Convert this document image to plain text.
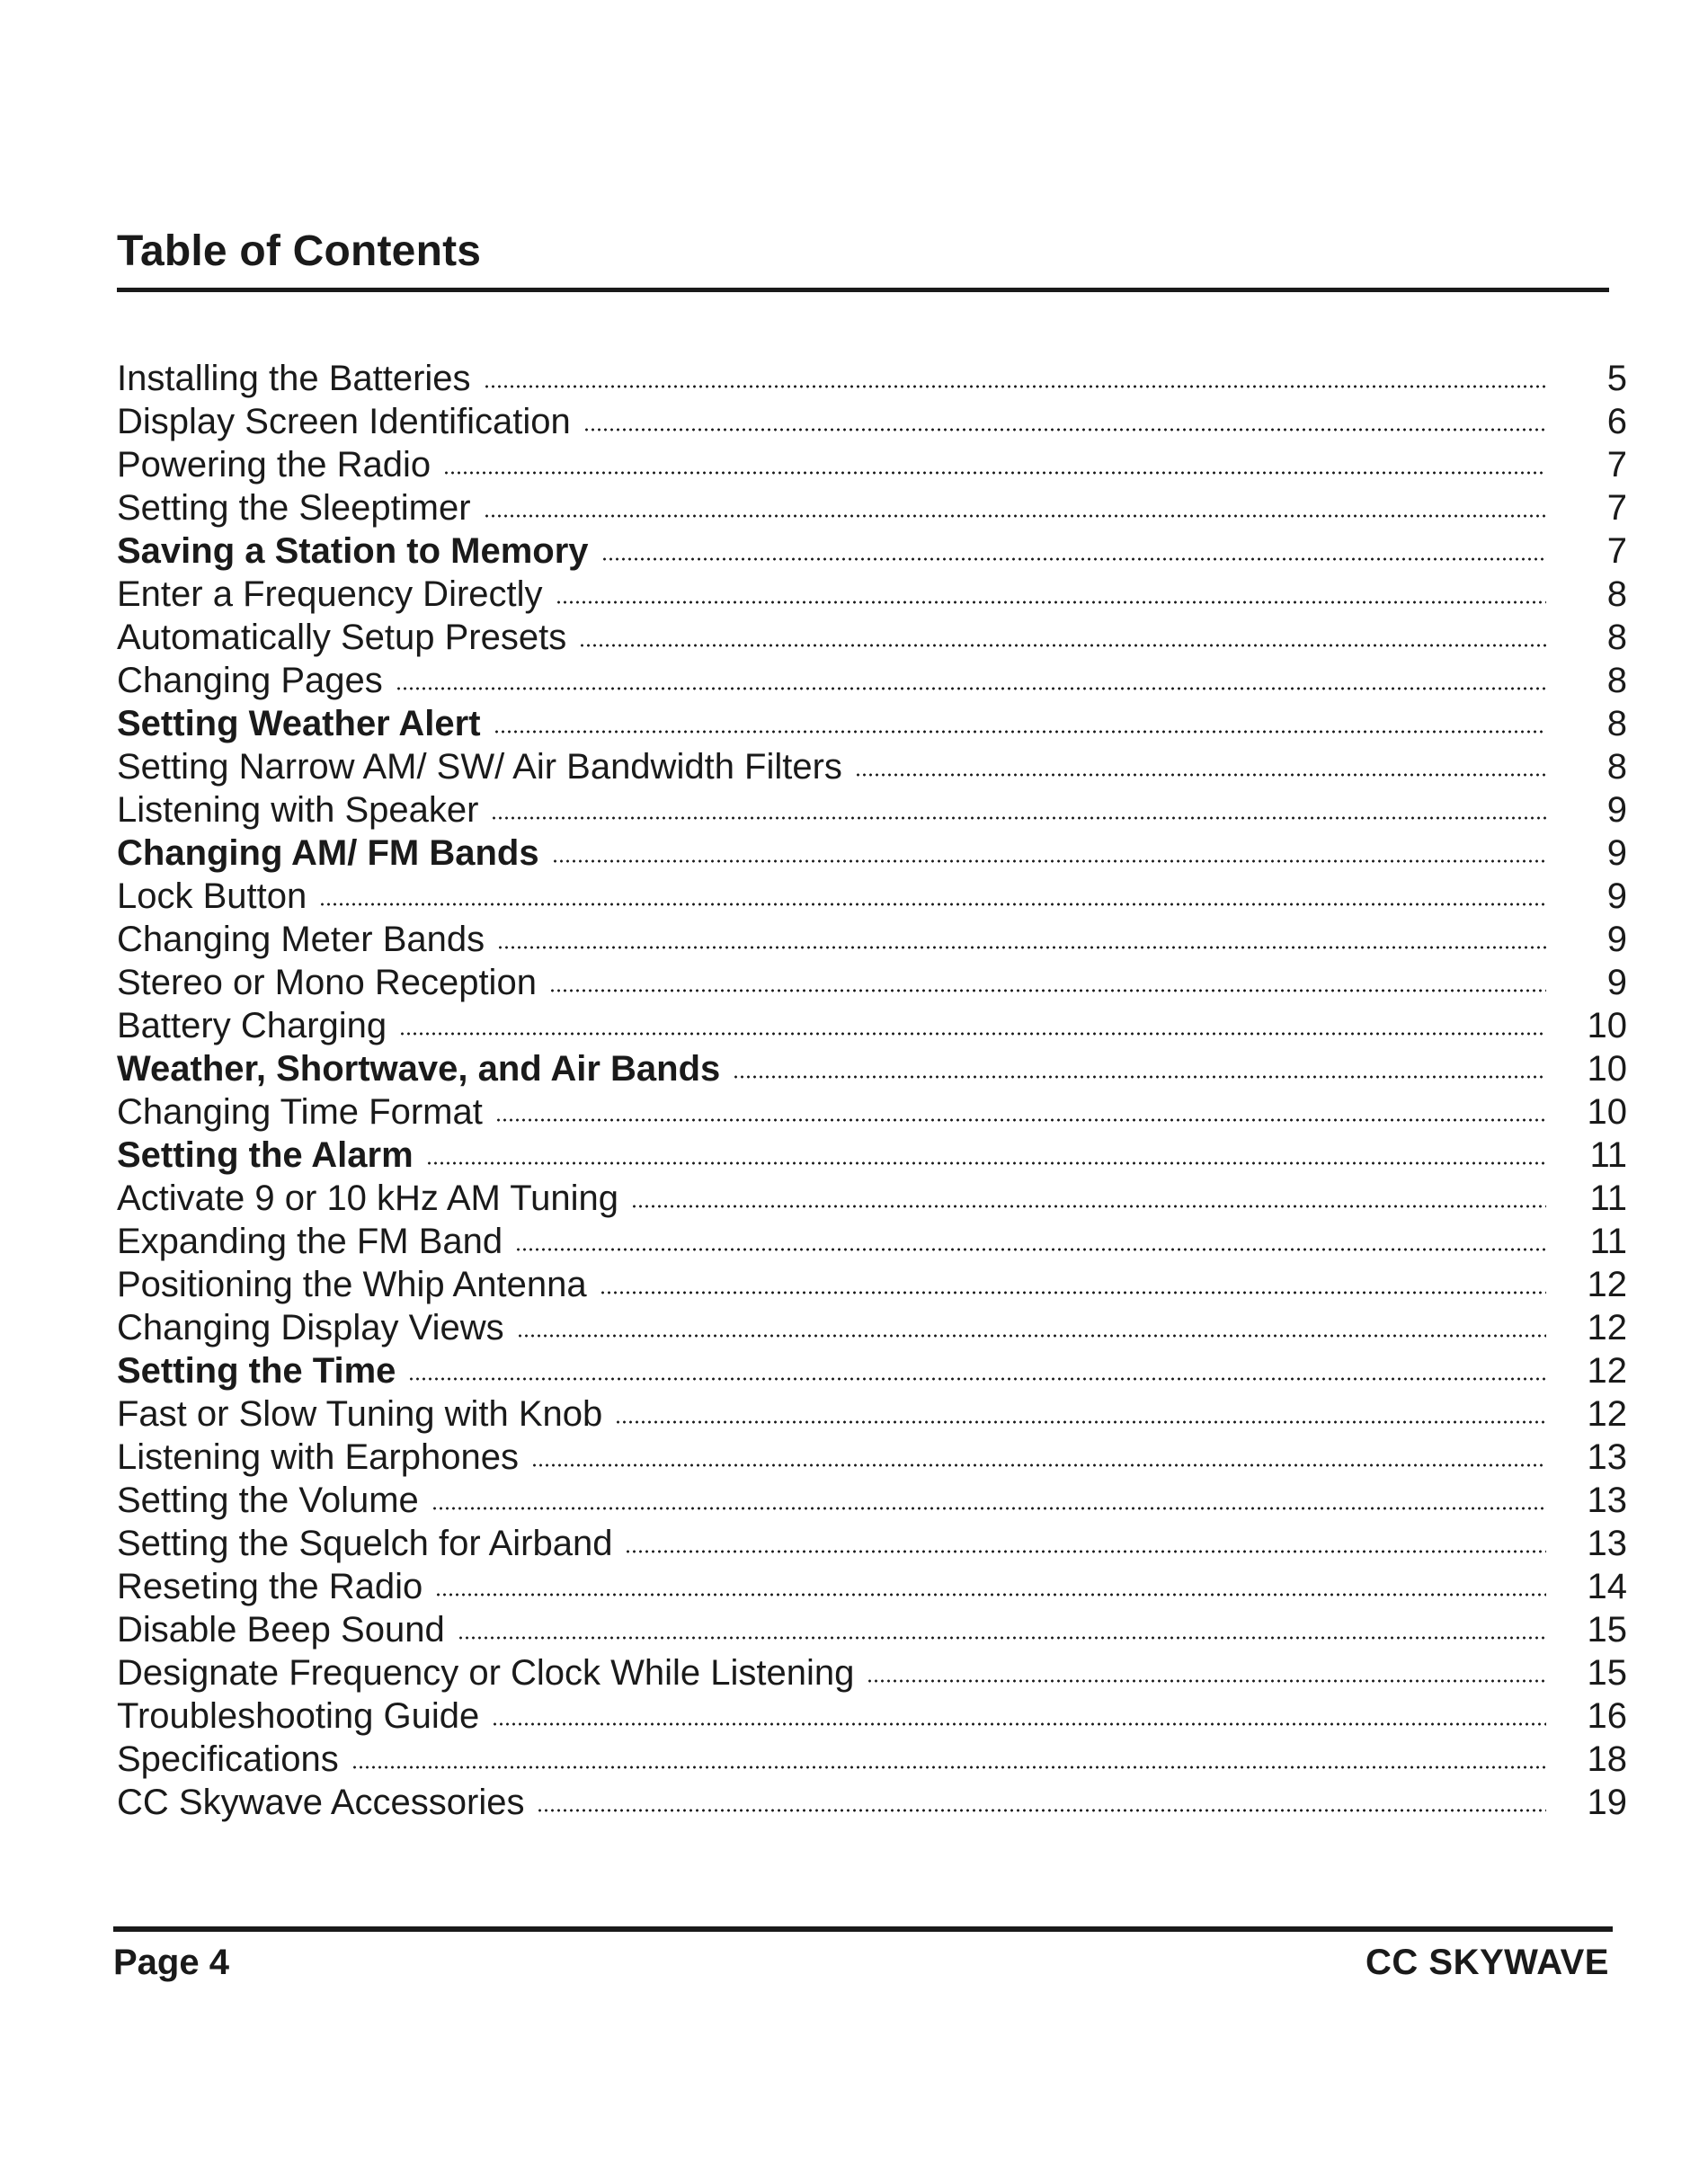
Table of Contents
Installing the Batteries	5
Display Screen Identification	6
Powering the Radio	7
Setting the Sleeptimer	7
Saving a Station to Memory	7
Enter a Frequency Directly	8
Automatically Setup Presets	8
Changing Pages	8
Setting Weather Alert	8
Setting Narrow AM/ SW/ Air Bandwidth Filters	8
Listening with Speaker	9
Changing AM/ FM Bands	9
Lock Button	9
Changing Meter Bands	9
Stereo or Mono Reception	9
Battery Charging	10
Weather, Shortwave, and Air Bands	10
Changing Time Format	10
Setting the Alarm	11
Activate 9 or 10 kHz AM Tuning	11
Expanding the FM Band	11
Positioning the Whip Antenna	12
Changing Display Views	12
Setting the Time	12
Fast or Slow Tuning with Knob	12
Listening with Earphones	13
Setting the Volume	13
Setting the Squelch for Airband	13
Reseting the Radio	14
Disable Beep Sound	15
Designate Frequency or Clock While Listening	15
Troubleshooting Guide	16
Specifications	18
CC Skywave Accessories	19
Page 4	CC SKYWAVE
